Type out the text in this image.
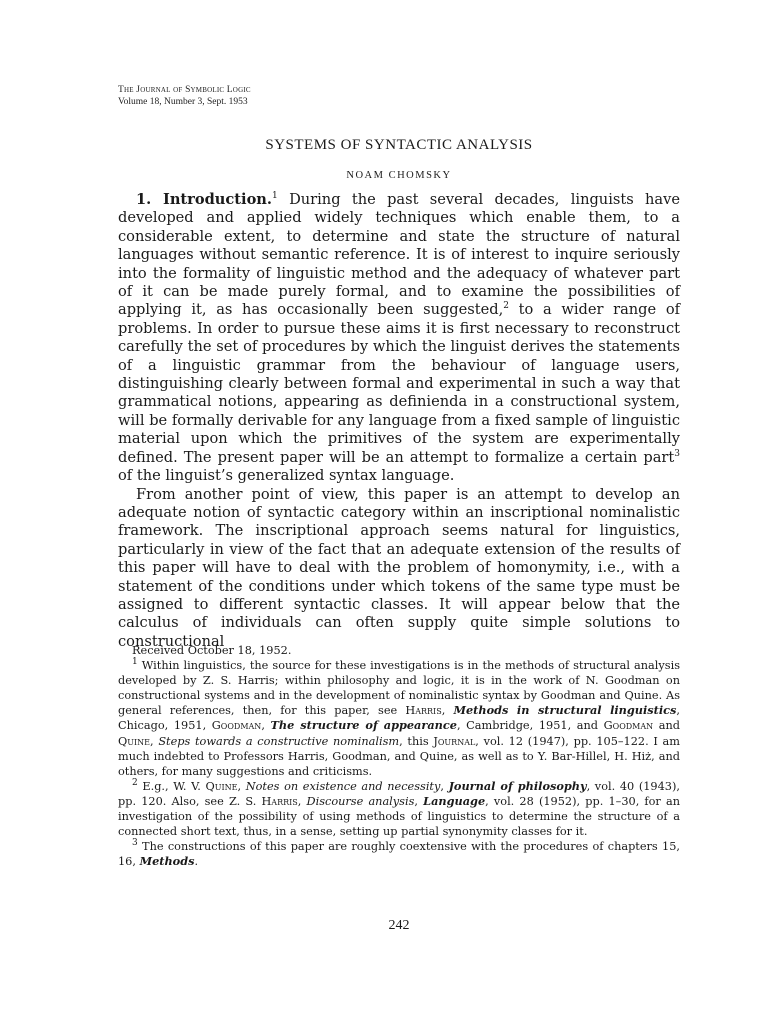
The Journal of Symbolic Logic
Volume 18, Number 3, Sept. 1953
SYSTEMS OF SYNTACTIC ANALYSIS
NOAM CHOMSKY

1. Introduction.$^1$ During the past several decades, linguists have developed and applied widely techniques which enable them, to a considerable extent, to determine and state the structure of natural languages without semantic reference. It is of interest to inquire seriously into the formality of linguistic method and the adequacy of whatever part of it can be made purely formal, and to examine the possibilities of applying it, as has occasionally been suggested,$^2$ to a wider range of problems. In order to pursue these aims it is first necessary to reconstruct carefully the set of procedures by which the linguist derives the statements of a linguistic grammar from the behaviour of language users, distinguishing clearly between formal and experimental in such a way that grammatical notions, appearing as definienda in a constructional system, will be formally derivable for any language from a fixed sample of linguistic material upon which the primitives of the system are experimentally defined. The present paper will be an attempt to formalize a certain part$^3$ of the linguist’s generalized syntax language.

From another point of view, this paper is an attempt to develop an adequate notion of syntactic category within an inscriptional nominalistic framework. The inscriptional approach seems natural for linguistics, particularly in view of the fact that an adequate extension of the results of this paper will have to deal with the problem of homonymity, i.e., with a statement of the conditions under which tokens of the same type must be assigned to different syntactic classes. It will appear below that the calculus of individuals can often supply quite simple solutions to constructional

Received October 18, 1952.

$^1$ Within linguistics, the source for these investigations is in the methods of structural analysis developed by Z. S. Harris; within philosophy and logic, it is in the work of N. Goodman on constructional systems and in the development of nominalistic syntax by Goodman and Quine. As general references, then, for this paper, see Harris, Methods in structural linguistics, Chicago, 1951, Goodman, The structure of appearance, Cambridge, 1951, and Goodman and Quine, Steps towards a constructive nominalism, this Journal, vol. 12 (1947), pp. 105–122. I am much indebted to Professors Harris, Goodman, and Quine, as well as to Y. Bar-Hillel, H. Hiż, and others, for many suggestions and criticisms.

$^2$ E.g., W. V. Quine, Notes on existence and necessity, Journal of philosophy, vol. 40 (1943), pp. 120. Also, see Z. S. Harris, Discourse analysis, Language, vol. 28 (1952), pp. 1–30, for an investigation of the possibility of using methods of linguistics to determine the structure of a connected short text, thus, in a sense, setting up partial synonymity classes for it.

$^3$ The constructions of this paper are roughly coextensive with the procedures of chapters 15, 16, Methods.

242
